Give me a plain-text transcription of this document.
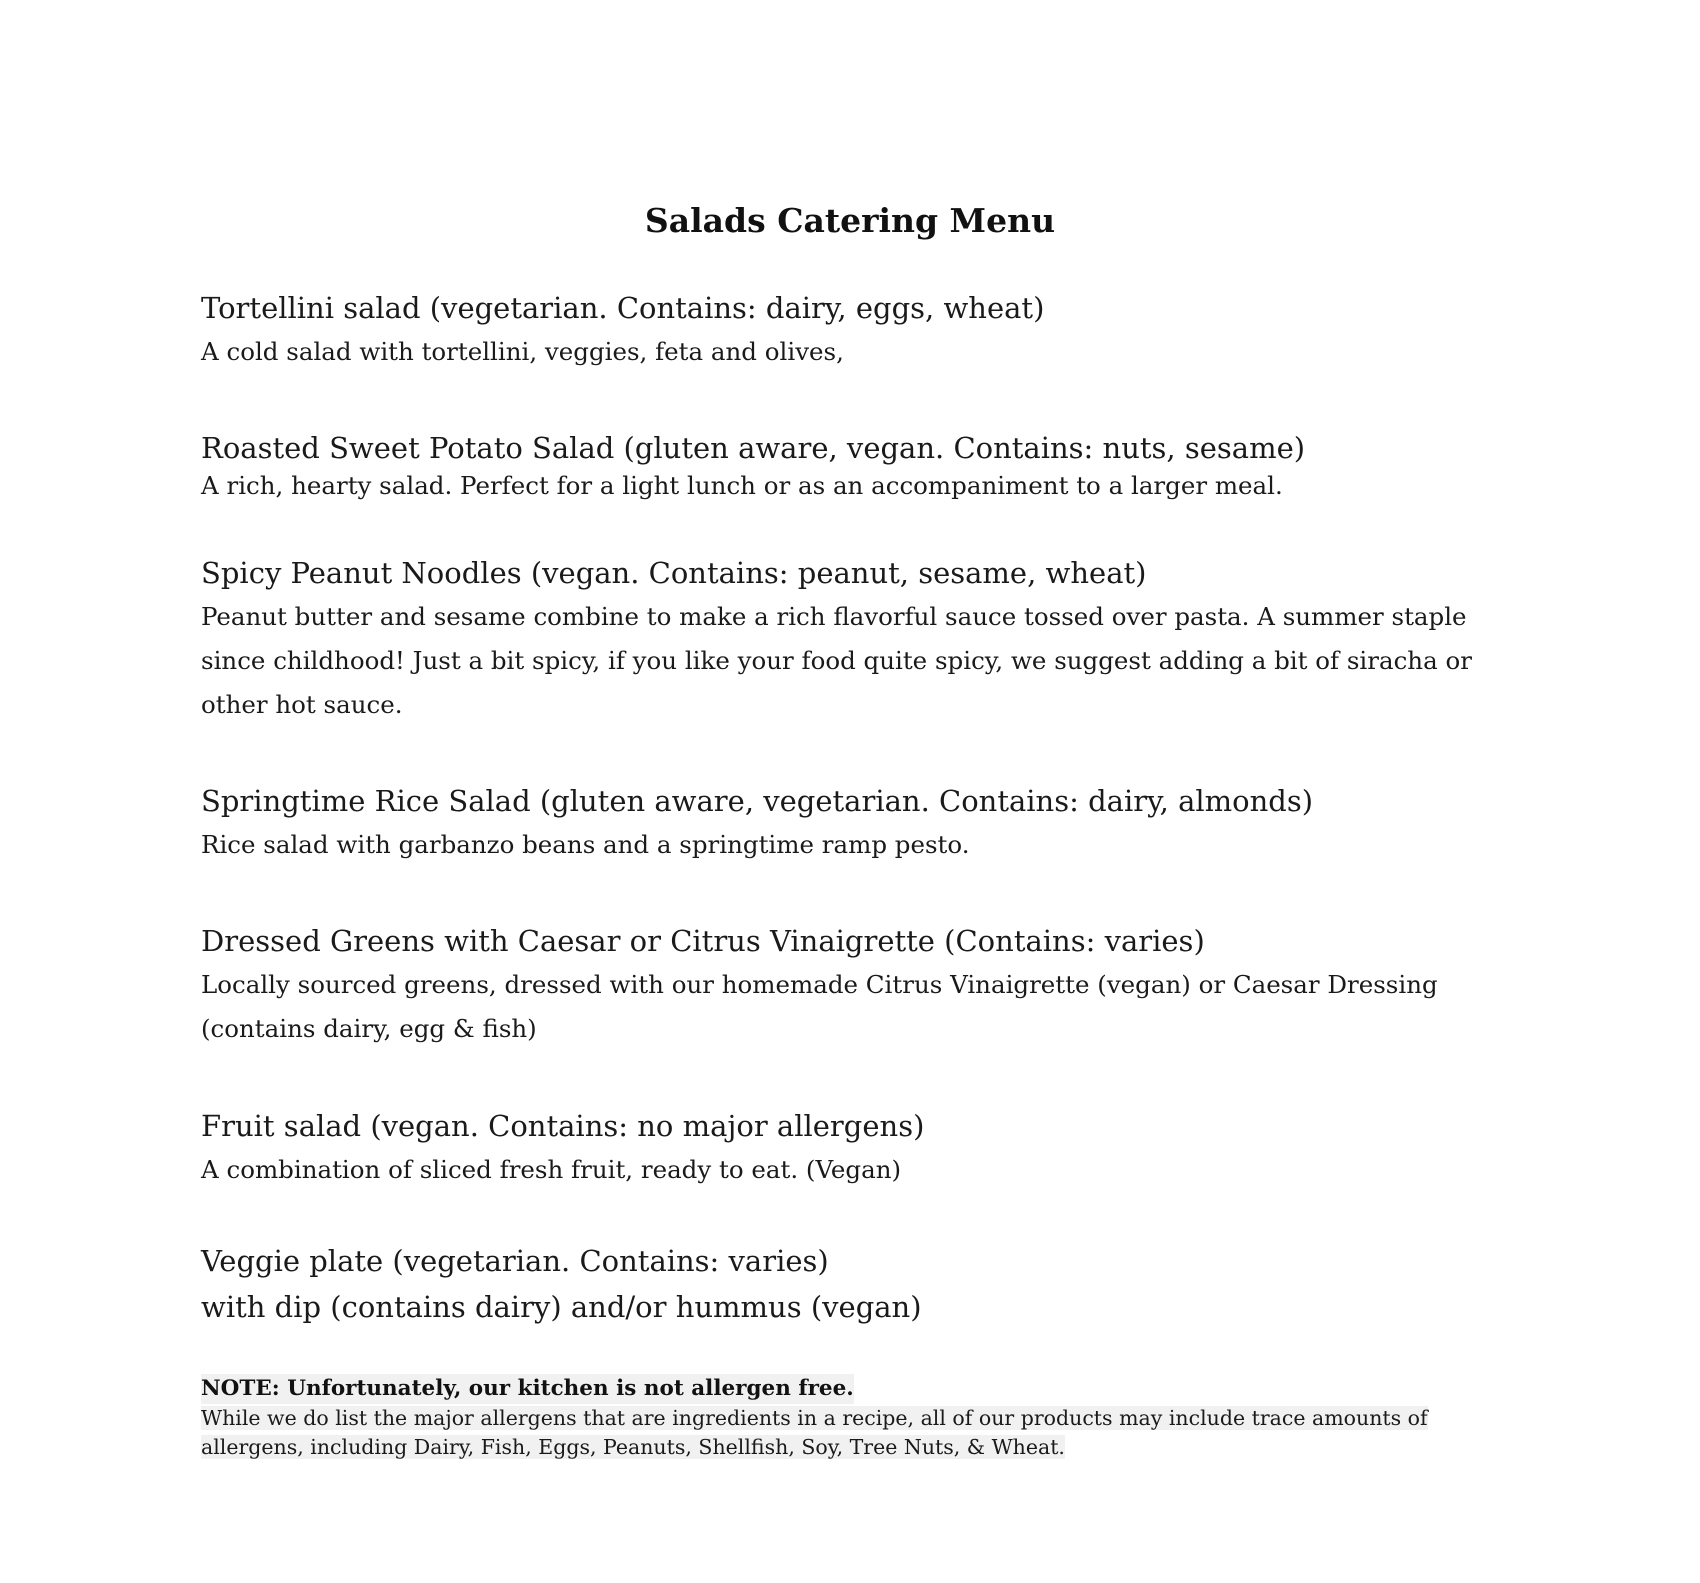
Salads Catering Menu
Tortellini salad (vegetarian. Contains: dairy, eggs, wheat)
A cold salad with tortellini, veggies, feta and olives,
Roasted Sweet Potato Salad (gluten aware, vegan. Contains: nuts, sesame)
A rich, hearty salad. Perfect for a light lunch or as an accompaniment to a larger meal.
Spicy Peanut Noodles (vegan. Contains: peanut, sesame, wheat)
Peanut butter and sesame combine to make a rich flavorful sauce tossed over pasta. A summer staple since childhood! Just a bit spicy, if you like your food quite spicy, we suggest adding a bit of siracha or other hot sauce.
Springtime Rice Salad (gluten aware, vegetarian. Contains: dairy, almonds)
Rice salad with garbanzo beans and a springtime ramp pesto.
Dressed Greens with Caesar or Citrus Vinaigrette (Contains: varies)
Locally sourced greens, dressed with our homemade Citrus Vinaigrette (vegan) or Caesar Dressing (contains dairy, egg & fish)
Fruit salad (vegan. Contains: no major allergens)
A combination of sliced fresh fruit, ready to eat. (Vegan)
Veggie plate (vegetarian. Contains: varies)
with dip (contains dairy) and/or hummus (vegan)
NOTE: Unfortunately, our kitchen is not allergen free.
While we do list the major allergens that are ingredients in a recipe, all of our products may include trace amounts of allergens, including Dairy, Fish, Eggs, Peanuts, Shellfish, Soy, Tree Nuts, & Wheat.
